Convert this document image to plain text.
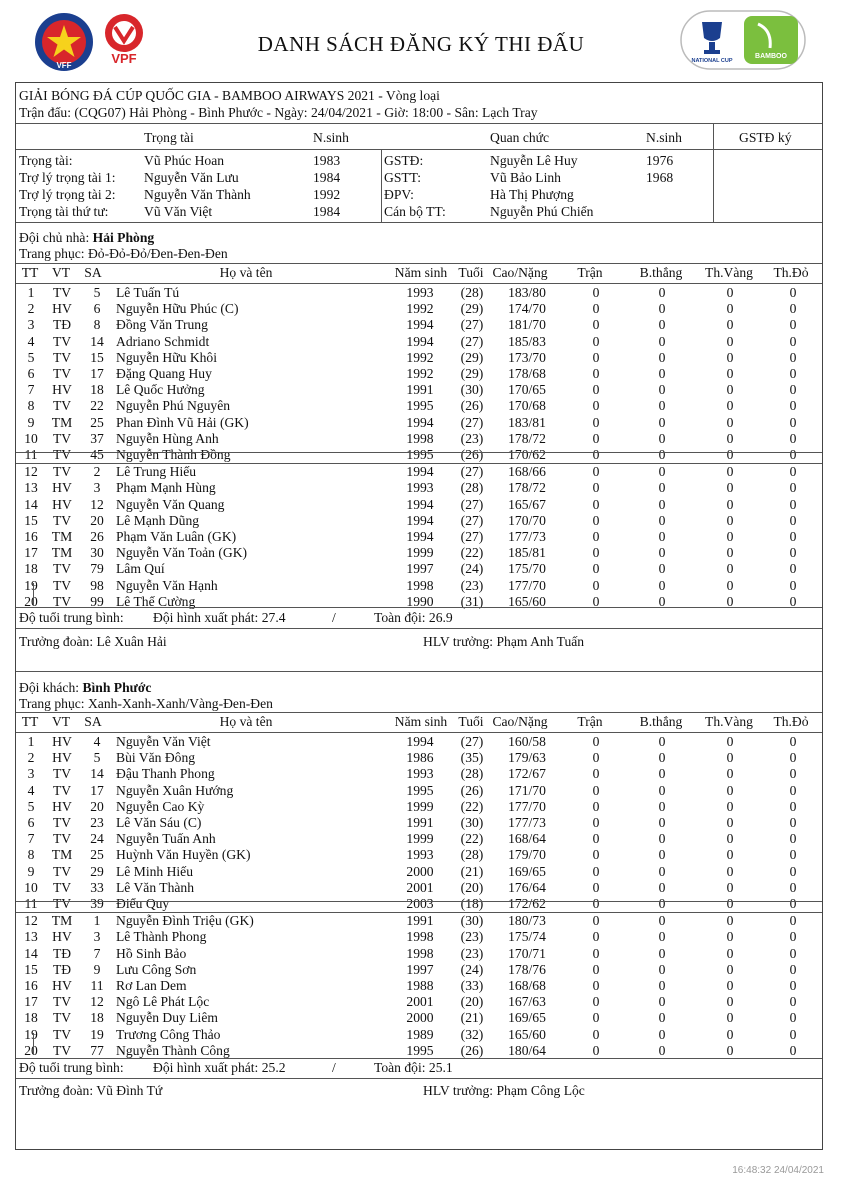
VFF	VPF
DANH SÁCH ĐĂNG KÝ THI ĐẤU
NATIONAL CUP
BAMBOO
GIẢI BÓNG ĐÁ CÚP QUỐC GIA - BAMBOO AIRWAYS 2021 - Vòng loại
Trận đấu: (CQG07) Hải Phòng - Bình Phước - Ngày: 24/04/2021 - Giờ: 18:00 - Sân: Lạch Tray
Trọng tài	N.sinh	Quan chức	N.sinh	GSTĐ ký
Trọng tài:	Vũ Phúc Hoan	1983
Trợ lý trọng tài 1: Nguyễn Văn Lưu	1984
Trợ lý trọng tài 2: Nguyễn Văn Thành	1992
Trọng tài thứ tư:	Vũ Văn Việt	1984
GSTĐ:	Nguyễn Lê Huy	1976
GSTT:	Vũ Bảo Linh	1968
ĐPV:	Hà Thị Phượng
Cán bộ TT:	Nguyễn Phú Chiến
Đội chủ nhà: Hải Phòng
Trang phục: Đỏ-Đỏ-Đỏ/Đen-Đen-Đen
TT	VT	SA	Họ và tên	Năm sinh Tuổi Cao/Nặng	Trận	B.thắng	Th.Vàng	Th.Đỏ
1	TV	5	Lê Tuấn Tú	1993	(28)	183/80	0	0	0	0
2	HV	6	Nguyễn Hữu Phúc (C)	1992	(29)	174/70	0	0	0	0
3	TĐ	8	Đồng Văn Trung	1994	(27)	181/70	0	0	0	0
4	TV	14	Adriano Schmidt	1994	(27)	185/83	0	0	0	0
5	TV	15	Nguyễn Hữu Khôi	1992	(29)	173/70	0	0	0	0
6	TV	17	Đặng Quang Huy	1992	(29)	178/68	0	0	0	0
7	HV	18	Lê Quốc Hưởng	1991	(30)	170/65	0	0	0	0
8	TV	22	Nguyễn Phú Nguyên	1995	(26)	170/68	0	0	0	0
9	TM	25	Phan Đình Vũ Hải (GK)	1994	(27)	183/81	0	0	0	0
10	TV	37	Nguyễn Hùng Anh	1998	(23)	178/72	0	0	0	0
11	TV	45	Nguyễn Thành Đồng	1995	(26)	170/62	0	0	0	0
12	TV	2	Lê Trung Hiếu	1994	(27)	168/66	0	0	0	0
13	HV	3	Phạm Mạnh Hùng	1993	(28)	178/72	0	0	0	0
14	HV	12	Nguyễn Văn Quang	1994	(27)	165/67	0	0	0	0
15	TV	20	Lê Mạnh Dũng	1994	(27)	170/70	0	0	0	0
16	TM	26	Phạm Văn Luân (GK)	1994	(27)	177/73	0	0	0	0
17	TM	30	Nguyễn Văn Toản (GK)	1999	(22)	185/81	0	0	0	0
18	TV	79	Lâm Quí	1997	(24)	175/70	0	0	0	0
19	TV	98	Nguyễn Văn Hạnh	1998	(23)	177/70	0	0	0	0
20	TV	99	Lê Thế Cường	1990	(31)	165/60	0	0	0	0
Độ tuổi trung bình: Đội hình xuất phát: 27.4	/	Toàn đội: 26.9
Trưởng đoàn: Lê Xuân Hải	HLV trưởng: Phạm Anh Tuấn
Đội khách: Bình Phước
Trang phục: Xanh-Xanh-Xanh/Vàng-Đen-Đen
TT	VT	SA	Họ và tên	Năm sinh Tuổi Cao/Nặng	Trận	B.thắng	Th.Vàng	Th.Đỏ
1	HV	4	Nguyễn Văn Việt	1994	(27)	160/58	0	0	0	0
2	HV	5	Bùi Văn Đông	1986	(35)	179/63	0	0	0	0
3	TV	14	Đậu Thanh Phong	1993	(28)	172/67	0	0	0	0
4	TV	17	Nguyễn Xuân Hướng	1995	(26)	171/70	0	0	0	0
5	HV	20	Nguyễn Cao Kỳ	1999	(22)	177/70	0	0	0	0
6	TV	23	Lê Văn Sáu (C)	1991	(30)	177/73	0	0	0	0
7	TV	24	Nguyễn Tuấn Anh	1999	(22)	168/64	0	0	0	0
8	TM	25	Huỳnh Văn Huyền (GK)	1993	(28)	179/70	0	0	0	0
9	TV	29	Lê Minh Hiếu	2000	(21)	169/65	0	0	0	0
10	TV	33	Lê Văn Thành	2001	(20)	176/64	0	0	0	0
11	TV	39	Điểu Quy	2003	(18)	172/62	0	0	0	0
12	TM	1	Nguyễn Đình Triệu (GK)	1991	(30)	180/73	0	0	0	0
13	HV	3	Lê Thành Phong	1998	(23)	175/74	0	0	0	0
14	TĐ	7	Hồ Sinh Bảo	1998	(23)	170/71	0	0	0	0
15	TĐ	9	Lưu Công Sơn	1997	(24)	178/76	0	0	0	0
16	HV	11	Rơ Lan Dem	1988	(33)	168/68	0	0	0	0
17	TV	12	Ngô Lê Phát Lộc	2001	(20)	167/63	0	0	0	0
18	TV	18	Nguyễn Duy Liêm	2000	(21)	169/65	0	0	0	0
19	TV	19	Trương Công Thảo	1989	(32)	165/60	0	0	0	0
20	TV	77	Nguyễn Thành Công	1995	(26)	180/64	0	0	0	0
Độ tuổi trung bình: Đội hình xuất phát: 25.2	/	Toàn đội: 25.1
Trưởng đoàn: Vũ Đình Tứ	HLV trưởng: Phạm Công Lộc
16:48:32 24/04/2021
